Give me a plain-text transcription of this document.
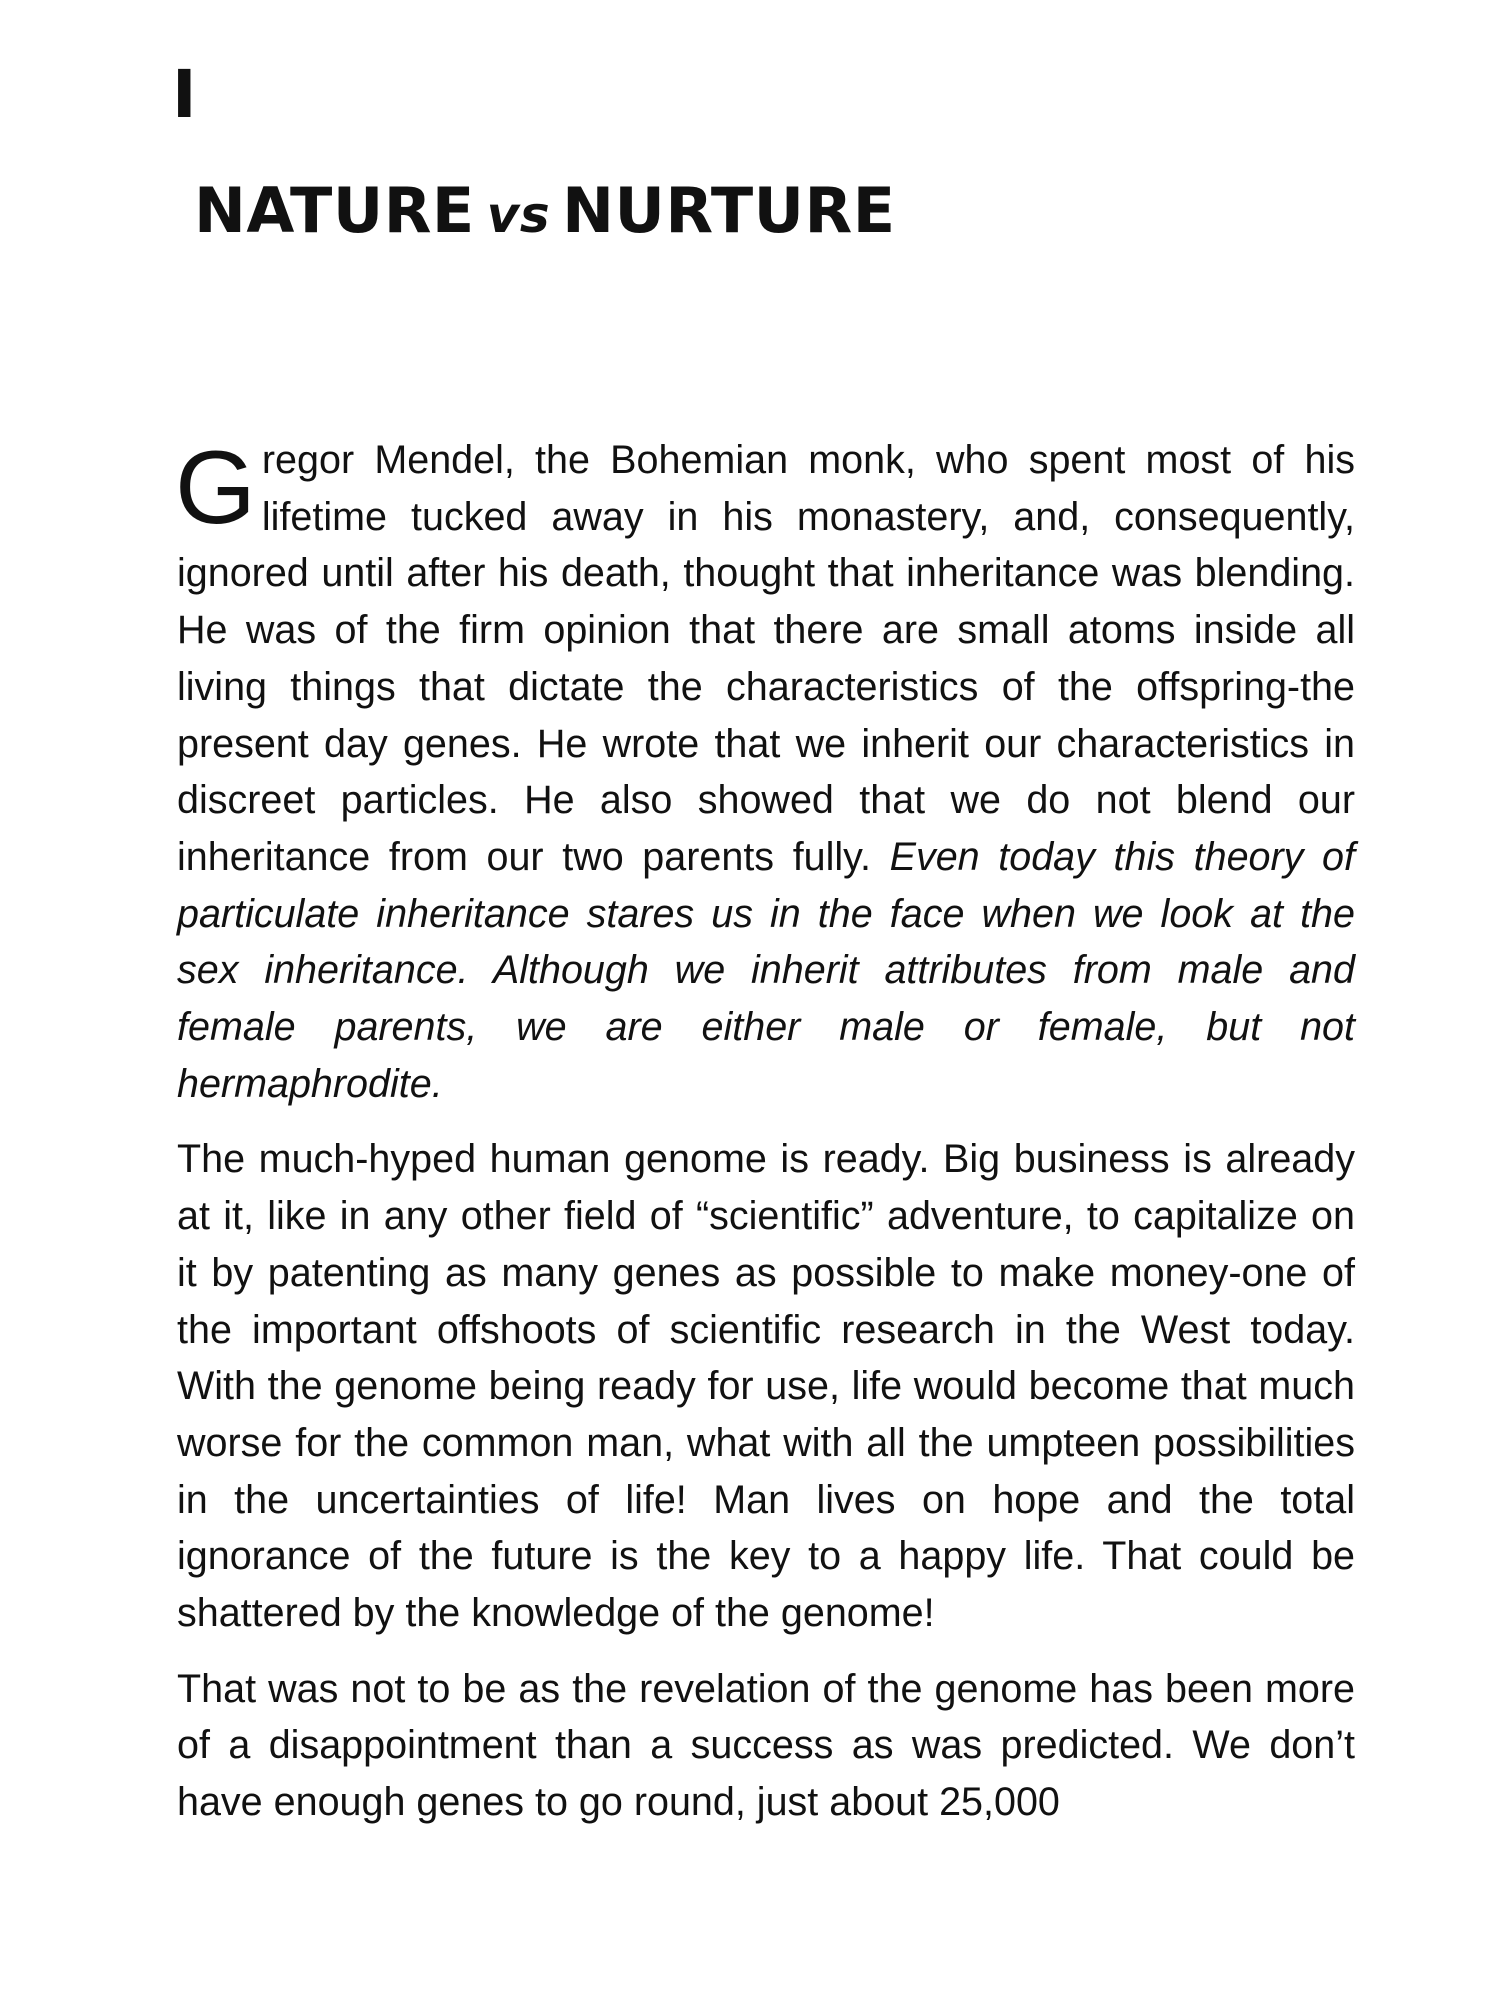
I
NATURE vs NURTURE

Gregor Mendel, the Bohemian monk, who spent most of his lifetime tucked away in his monastery, and, consequently, ignored until after his death, thought that inheritance was blending. He was of the firm opinion that there are small atoms inside all living things that dictate the characteristics of the offspring-the present day genes. He wrote that we inherit our characteristics in discreet particles. He also showed that we do not blend our inheritance from our two parents fully. Even today this theory of particulate inheritance stares us in the face when we look at the sex inheritance. Although we inherit attributes from male and female parents, we are either male or female, but not hermaphrodite.

The much-hyped human genome is ready. Big business is already at it, like in any other field of “scientific” adventure, to capitalize on it by patenting as many genes as possible to make money-one of the important offshoots of scientific research in the West today. With the genome being ready for use, life would become that much worse for the common man, what with all the umpteen possibilities in the uncertainties of life! Man lives on hope and the total ignorance of the future is the key to a happy life. That could be shattered by the knowledge of the genome!

That was not to be as the revelation of the genome has been more of a disappointment than a success as was predicted. We don’t have enough genes to go round, just about 25,000
